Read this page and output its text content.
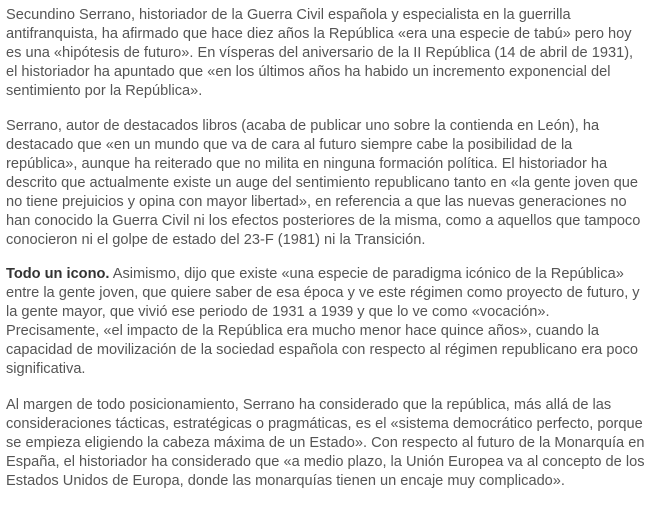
Secundino Serrano, historiador de la Guerra Civil española y especialista en la guerrilla antifranquista, ha afirmado que hace diez años la República «era una especie de tabú» pero hoy es una «hipótesis de futuro». En vísperas del aniversario de la II República (14 de abril de 1931), el historiador ha apuntado que «en los últimos años ha habido un incremento exponencial del sentimiento por la República».

Serrano, autor de destacados libros (acaba de publicar uno sobre la contienda en León), ha destacado que «en un mundo que va de cara al futuro siempre cabe la posibilidad de la república», aunque ha reiterado que no milita en ninguna formación política. El historiador ha descrito que actualmente existe un auge del sentimiento republicano tanto en «la gente joven que no tiene prejuicios y opina con mayor libertad», en referencia a que las nuevas generaciones no han conocido la Guerra Civil ni los efectos posteriores de la misma, como a aquellos que tampoco conocieron ni el golpe de estado del 23-F (1981) ni la Transición.

Todo un icono. Asimismo, dijo que existe «una especie de paradigma icónico de la República» entre la gente joven, que quiere saber de esa época y ve este régimen como proyecto de futuro, y la gente mayor, que vivió ese periodo de 1931 a 1939 y que lo ve como «vocación». Precisamente, «el impacto de la República era mucho menor hace quince años», cuando la capacidad de movilización de la sociedad española con respecto al régimen republicano era poco significativa.

Al margen de todo posicionamiento, Serrano ha considerado que la república, más allá de las consideraciones tácticas, estratégicas o pragmáticas, es el «sistema democrático perfecto, porque se empieza eligiendo la cabeza máxima de un Estado». Con respecto al futuro de la Monarquía en España, el historiador ha considerado que «a medio plazo, la Unión Europea va al concepto de los Estados Unidos de Europa, donde las monarquías tienen un encaje muy complicado».
